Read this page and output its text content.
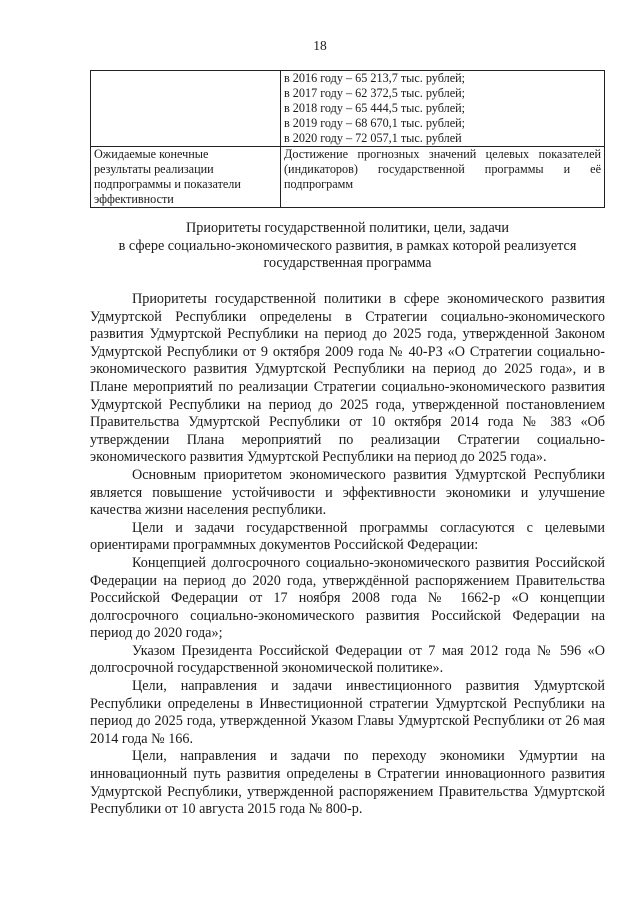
18

	в 2016 году – 65 213,7 тыс. рублей;
в 2017 году – 62 372,5 тыс. рублей;
в 2018 году – 65 444,5 тыс. рублей;
в 2019 году – 68 670,1 тыс. рублей;
в 2020 году – 72 057,1 тыс. рублей

Ожидаемые конечные
результаты реализации
подпрограммы и показатели
эффективности	Достижение прогнозных значений целевых показателей
(индикаторов) государственной программы и её
подпрограмм
Приоритеты государственной политики, цели, задачи
в сфере социально-экономического развития, в рамках которой реализуется
государственная программа

Приоритеты государственной политики в сфере экономического развития Удмуртской Республики определены в Стратегии социально-экономического развития Удмуртской Республики на период до 2025 года, утвержденной Законом Удмуртской Республики от 9 октября 2009 года № 40-РЗ «О Стратегии социально-экономического развития Удмуртской Республики на период до 2025 года», и в Плане мероприятий по реализации Стратегии социально-экономического развития Удмуртской Республики на период до 2025 года, утвержденной постановлением Правительства Удмуртской Республики от 10 октября 2014 года № 383 «Об утверждении Плана мероприятий по реализации Стратегии социально-экономического развития Удмуртской Республики на период до 2025 года».

Основным приоритетом экономического развития Удмуртской Республики является повышение устойчивости и эффективности экономики и улучшение качества жизни населения республики.

Цели и задачи государственной программы согласуются с целевыми ориентирами программных документов Российской Федерации:

Концепцией долгосрочного социально-экономического развития Российской Федерации на период до 2020 года, утверждённой распоряжением Правительства Российской Федерации от 17 ноября 2008 года № 1662-р «О концепции долгосрочного социально-экономического развития Российской Федерации на период до 2020 года»;

Указом Президента Российской Федерации от 7 мая 2012 года № 596 «О долгосрочной государственной экономической политике».

Цели, направления и задачи инвестиционного развития Удмуртской Республики определены в Инвестиционной стратегии Удмуртской Республики на период до 2025 года, утвержденной Указом Главы Удмуртской Республики от 26 мая 2014 года № 166.

Цели, направления и задачи по переходу экономики Удмуртии на инновационный путь развития определены в Стратегии инновационного развития Удмуртской Республики, утвержденной распоряжением Правительства Удмуртской Республики от 10 августа 2015 года № 800-р.
